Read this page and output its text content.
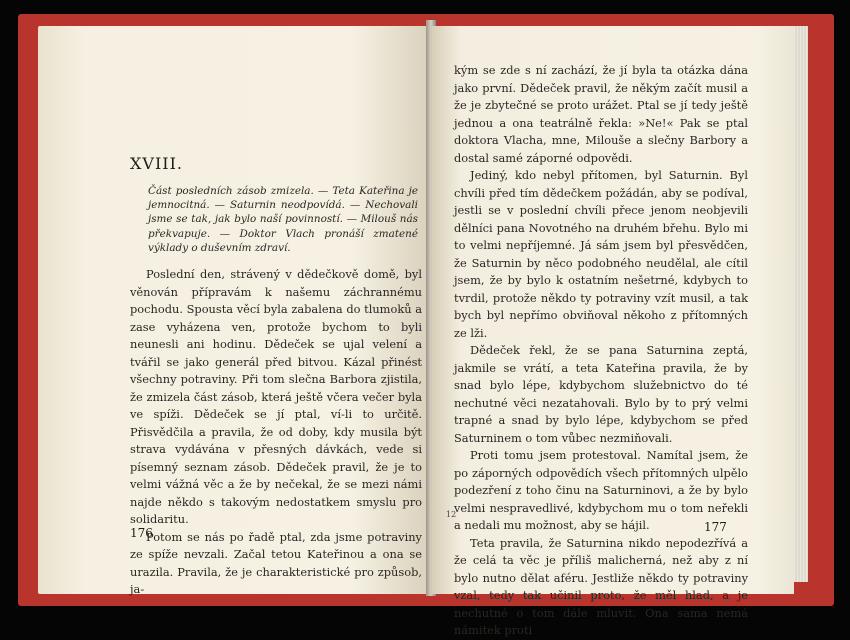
XVIII.
Část posledních zásob zmizela. — Teta Kateřina je jemnocitná. — Saturnin neodpovídá. — Nechovali jsme se tak, jak bylo naší povinností. — Milouš nás překvapuje. — Doktor Vlach pronáší zmatené výklady o duševním zdraví.

Poslední den, strávený v dědečkově domě, byl věnován přípravám k našemu záchrannému pochodu. Spousta věcí byla zabalena do tlumoků a zase vyházena ven, protože bychom to byli neunesli ani hodinu. Dědeček se ujal velení a tvářil se jako generál před bitvou. Kázal přinést všechny potraviny. Při tom slečna Barbora zjistila, že zmizela část zásob, která ještě včera večer byla ve spíži. Dědeček se jí ptal, ví-li to určitě. Přisvědčila a pravila, že od doby, kdy musila být strava vydávána v přesných dávkách, vede si písemný seznam zásob. Dědeček pravil, že je to velmi vážná věc a že by nečekal, že se mezi námi najde někdo s takovým nedostatkem smyslu pro solidaritu.

Potom se nás po řadě ptal, zda jsme potraviny ze spíže nevzali. Začal tetou Kateřinou a ona se urazila. Pravila, že je charakteristické pro způsob, ja-

176

kým se zde s ní zachází, že jí byla ta otázka dána jako první. Dědeček pravil, že někým začít musil a že je zbytečné se proto urážet. Ptal se jí tedy ještě jednou a ona teatrálně řekla: »Ne!« Pak se ptal doktora Vlacha, mne, Milouše a slečny Barbory a dostal samé záporné odpovědi.

Jediný, kdo nebyl přítomen, byl Saturnin. Byl chvíli před tím dědečkem požádán, aby se podíval, jestli se v poslední chvíli přece jenom neobjevili dělníci pana Novotného na druhém břehu. Bylo mi to velmi nepříjemné. Já sám jsem byl přesvědčen, že Saturnin by něco podobného neudělal, ale cítil jsem, že by bylo k ostatním nešetrné, kdybych to tvrdil, protože někdo ty potraviny vzít musil, a tak bych byl nepřímo obviňoval někoho z přítomných ze lži.

Dědeček řekl, že se pana Saturnina zeptá, jakmile se vrátí, a teta Kateřina pravila, že by snad bylo lépe, kdybychom služebnictvo do té nechutné věci nezatahovali. Bylo by to prý velmi trapné a snad by bylo lépe, kdybychom se před Saturninem o tom vůbec nezmiňovali.

Proti tomu jsem protestoval. Namítal jsem, že po záporných odpovědích všech přítomných ulpělo podezření z toho činu na Saturninovi, a že by bylo velmi nespravedlivé, kdybychom mu o tom neřekli a nedali mu možnost, aby se hájil.

Teta pravila, že Saturnina nikdo nepodezřívá a že celá ta věc je příliš malicherná, než aby z ní bylo nutno dělat aféru. Jestliže někdo ty potraviny vzal, tedy tak učinil proto, že měl hlad, a je nechutné o tom dále mluvit. Ona sama nemá námitek proti

12
177
